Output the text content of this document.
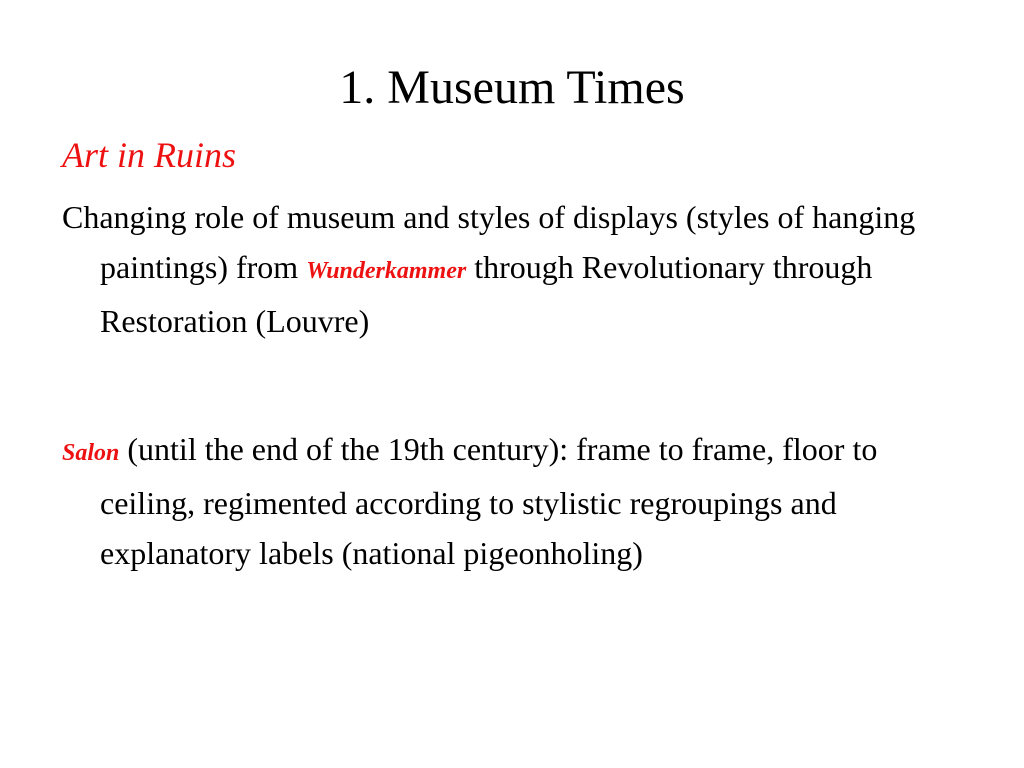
1. Museum Times

Art in Ruins

Changing role of museum and styles of displays (styles of hanging paintings) from Wunderkammer through Revolutionary through Restoration (Louvre)

Salon (until the end of the 19th century): frame to frame, floor to ceiling, regimented according to stylistic regroupings and explanatory labels (national pigeonholing)
